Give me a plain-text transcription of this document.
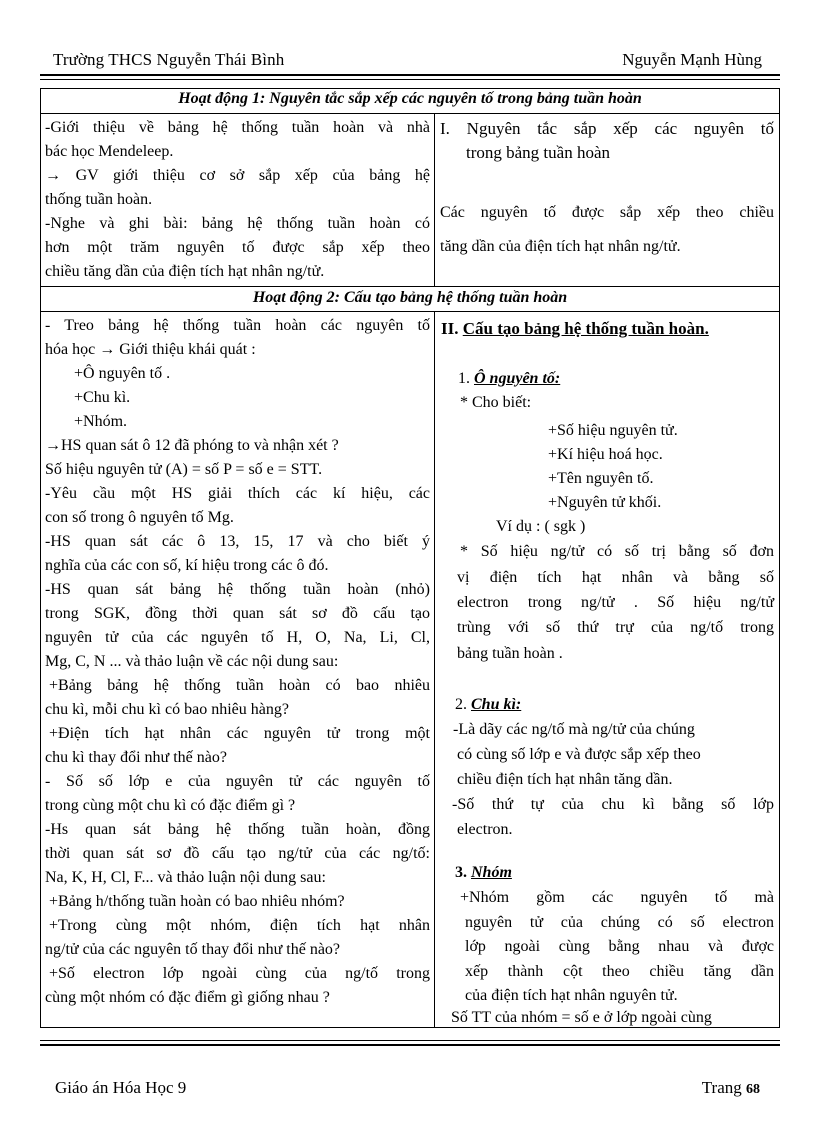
Trường THCS Nguyễn Thái Bình	Nguyễn Mạnh Hùng
Hoạt động 1: Nguyên tắc sắp xếp các nguyên tố trong bảng tuần hoàn
-Giới thiệu về bảng hệ thống tuần hoàn và nhà
bác học Mendeleep.
→ GV giới thiệu cơ sở sắp xếp của bảng hệ
thống tuần hoàn.
-Nghe và ghi bài: bảng hệ thống tuần hoàn có
hơn một trăm nguyên tố được sắp xếp theo
chiều tăng dần của điện tích hạt nhân ng/tử.
I. Nguyên tắc sắp xếp các nguyên tố
trong bảng tuần hoàn
Các nguyên tố được sắp xếp theo chiều
tăng dần của điện tích hạt nhân ng/tử.
Hoạt động 2: Cấu tạo bảng hệ thống tuần hoàn
- Treo bảng hệ thống tuần hoàn các nguyên tố
hóa học → Giới thiệu khái quát :
+Ô nguyên tố .
+Chu kì.
+Nhóm.
→HS quan sát ô 12 đã phóng to và nhận xét ?
Số hiệu nguyên tử (A) = số P = số e = STT.
-Yêu cầu một HS giải thích các kí hiệu, các
con số trong ô nguyên tố Mg.
-HS quan sát các ô 13, 15, 17 và cho biết ý
nghĩa của các con số, kí hiệu trong các ô đó.
-HS quan sát bảng hệ thống tuần hoàn (nhỏ)
trong SGK, đồng thời quan sát sơ đồ cấu tạo
nguyên tử của các nguyên tố H, O, Na, Li, Cl,
Mg, C, N ... và thảo luận về các nội dung sau:
+Bảng bảng hệ thống tuần hoàn có bao nhiêu
chu kì, mỗi chu kì có bao nhiêu hàng?
+Điện tích hạt nhân các nguyên tử trong một
chu kì thay đổi như thế nào?
- Số số lớp e của nguyên tử các nguyên tố
trong cùng một chu kì có đặc điểm gì ?
-Hs quan sát bảng hệ thống tuần hoàn, đồng
thời quan sát sơ đồ cấu tạo ng/tử của các ng/tố:
Na, K, H, Cl, F... và thảo luận nội dung sau:
+Bảng h/thống tuần hoàn có bao nhiêu nhóm?
+Trong cùng một nhóm, điện tích hạt nhân
ng/tử của các nguyên tố thay đổi như thế nào?
+Số electron lớp ngoài cùng của ng/tố trong
cùng một nhóm có đặc điểm gì giống nhau ?
II. Cấu tạo bảng hệ thống tuần hoàn.
1. Ô nguyên tố:
* Cho biết:
+Số hiệu nguyên tử.
+Kí hiệu hoá học.
+Tên nguyên tố.
+Nguyên tử khối.
Ví dụ : ( sgk )
* Số hiệu ng/tử có số trị bằng số đơn
vị điện tích hạt nhân và bằng số
electron trong ng/tử . Số hiệu ng/tử
trùng với số thứ trự của ng/tố trong
bảng tuần hoàn .
2. Chu kì:
-Là dãy các ng/tố mà ng/tử của chúng
có cùng số lớp e và được sắp xếp theo
chiều điện tích hạt nhân tăng dần.
-Số thứ tự của chu kì bằng số lớp
electron.
3. Nhóm
+Nhóm gồm các nguyên tố mà
nguyên tử của chúng có số electron
lớp ngoài cùng bằng nhau và được
xếp thành cột theo chiều tăng dần
của điện tích hạt nhân nguyên tử.
Số TT của nhóm = số e ở lớp ngoài cùng
Giáo án Hóa Học 9	Trang 68
